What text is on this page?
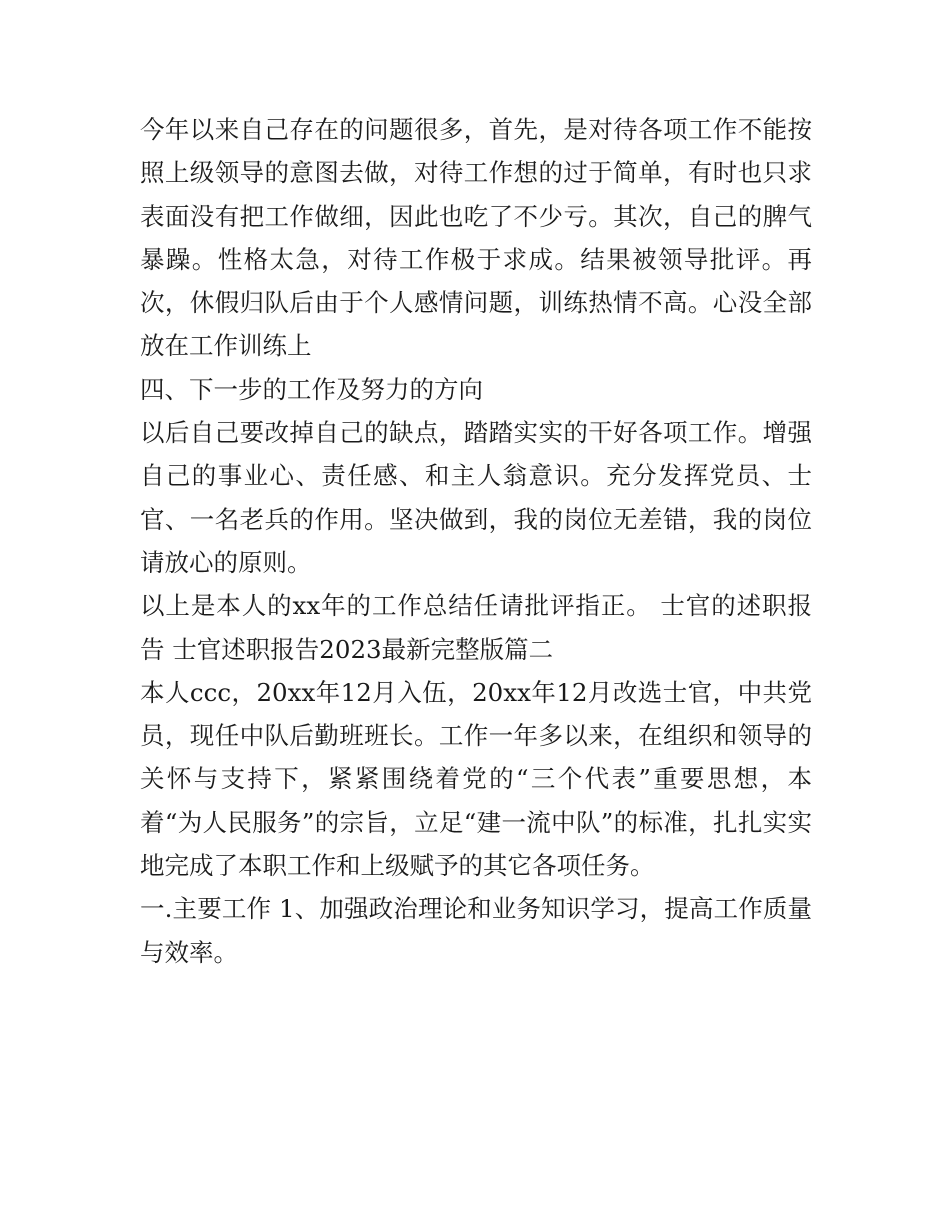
今年以来自己存在的问题很多，首先，是对待各项工作不能按照上级领导的意图去做，对待工作想的过于简单，有时也只求表面没有把工作做细，因此也吃了不少亏。其次，自己的脾气暴躁。性格太急，对待工作极于求成。结果被领导批评。再次，休假归队后由于个人感情问题，训练热情不高。心没全部放在工作训练上

四、下一步的工作及努力的方向

以后自己要改掉自己的缺点，踏踏实实的干好各项工作。增强自己的事业心、责任感、和主人翁意识。充分发挥党员、士官、一名老兵的作用。坚决做到，我的岗位无差错，我的岗位请放心的原则。

以上是本人的xx年的工作总结任请批评指正。 士官的述职报告 士官述职报告2023最新完整版篇二

本人ccc，20xx年12月入伍，20xx年12月改选士官，中共党员，现任中队后勤班班长。工作一年多以来，在组织和领导的关怀与支持下，紧紧围绕着党的“三个代表”重要思想，本着“为人民服务”的宗旨，立足“建一流中队”的标准，扎扎实实地完成了本职工作和上级赋予的其它各项任务。

一.主要工作 1、加强政治理论和业务知识学习，提高工作质量与效率。
